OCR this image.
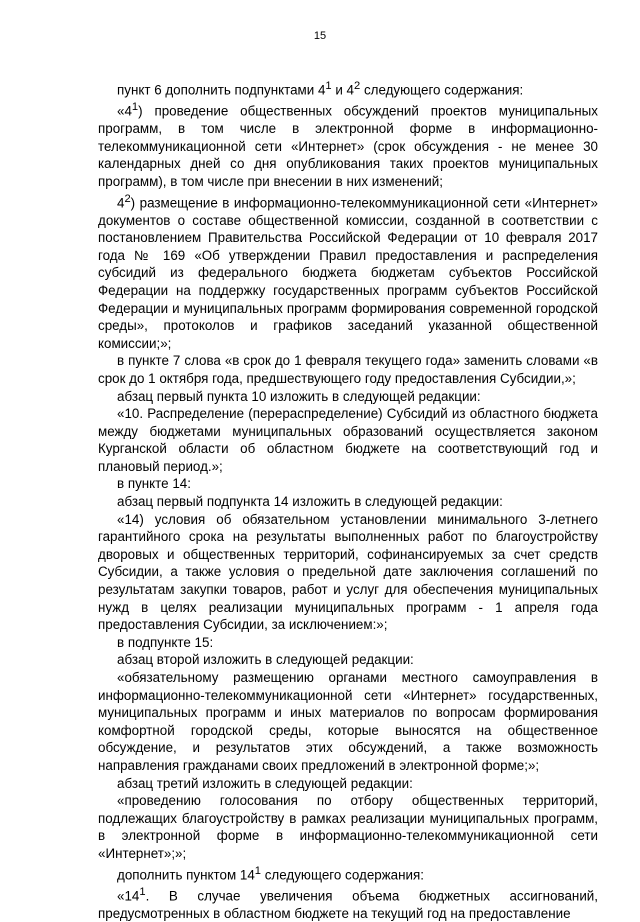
15

пункт 6 дополнить подпунктами $4^1$ и $4^2$ следующего содержания:

«$4^1$) проведение общественных обсуждений проектов муниципальных программ, в том числе в электронной форме в информационно-телекоммуникационной сети «Интернет» (срок обсуждения - не менее 30 календарных дней со дня опубликования таких проектов муниципальных программ), в том числе при внесении в них изменений;

$4^2$) размещение в информационно-телекоммуникационной сети «Интернет» документов о составе общественной комиссии, созданной в соответствии с постановлением Правительства Российской Федерации от 10 февраля 2017 года № 169 «Об утверждении Правил предоставления и распределения субсидий из федерального бюджета бюджетам субъектов Российской Федерации на поддержку государственных программ субъектов Российской Федерации и муниципальных программ формирования современной городской среды», протоколов и графиков заседаний указанной общественной комиссии;»;

в пункте 7 слова «в срок до 1 февраля текущего года» заменить словами «в срок до 1 октября года, предшествующего году предоставления Субсидии,»;

абзац первый пункта 10 изложить в следующей редакции:

«10. Распределение (перераспределение) Субсидий из областного бюджета между бюджетами муниципальных образований осуществляется законом Курганской области об областном бюджете на соответствующий год и плановый период.»;

в пункте 14:

абзац первый подпункта 14 изложить в следующей редакции:

«14) условия об обязательном установлении минимального 3-летнего гарантийного срока на результаты выполненных работ по благоустройству дворовых и общественных территорий, софинансируемых за счет средств Субсидии, а также условия о предельной дате заключения соглашений по результатам закупки товаров, работ и услуг для обеспечения муниципальных нужд в целях реализации муниципальных программ - 1 апреля года предоставления Субсидии, за исключением:»;

в подпункте 15:

абзац второй изложить в следующей редакции:

«обязательному размещению органами местного самоуправления в информационно-телекоммуникационной сети «Интернет» государственных, муниципальных программ и иных материалов по вопросам формирования комфортной городской среды, которые выносятся на общественное обсуждение, и результатов этих обсуждений, а также возможность направления гражданами своих предложений в электронной форме;»;

абзац третий изложить в следующей редакции:

«проведению голосования по отбору общественных территорий, подлежащих благоустройству в рамках реализации муниципальных программ, в электронной форме в информационно-телекоммуникационной сети «Интернет»;»;

дополнить пунктом $14^1$ следующего содержания:

«$14^1$. В случае увеличения объема бюджетных ассигнований, предусмотренных в областном бюджете на текущий год на предоставление
